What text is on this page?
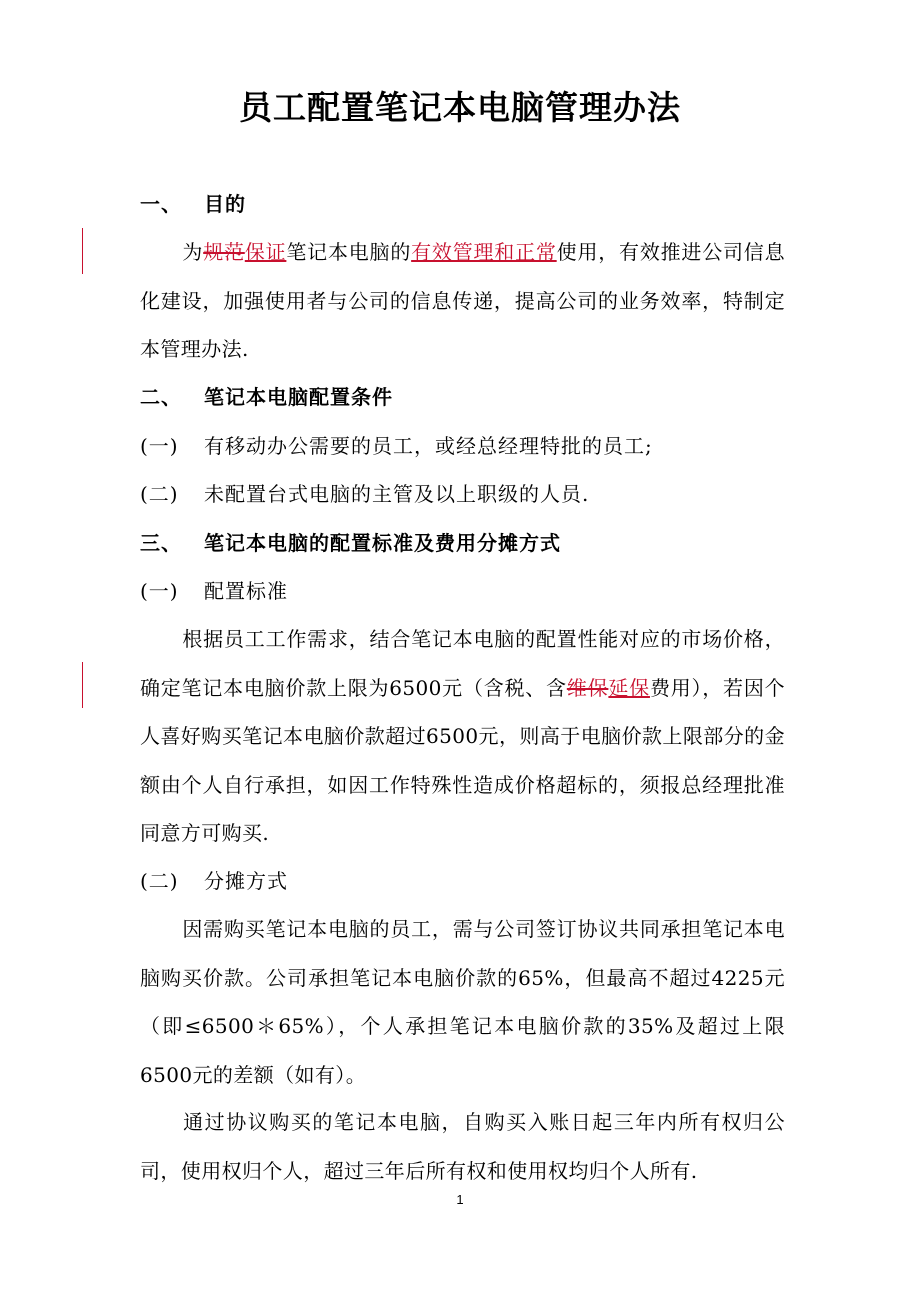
员工配置笔记本电脑管理办法
一、 目的
为规范保证笔记本电脑的有效管理和正常使用，有效推进公司信息化建设，加强使用者与公司的信息传递，提高公司的业务效率，特制定本管理办法.
二、 笔记本电脑配置条件
(一) 有移动办公需要的员工，或经总经理特批的员工;
(二) 未配置台式电脑的主管及以上职级的人员.
三、 笔记本电脑的配置标准及费用分摊方式
(一) 配置标准
根据员工工作需求，结合笔记本电脑的配置性能对应的市场价格，确定笔记本电脑价款上限为6500元（含税、含维保延保费用），若因个人喜好购买笔记本电脑价款超过6500元，则高于电脑价款上限部分的金额由个人自行承担，如因工作特殊性造成价格超标的，须报总经理批准同意方可购买.
(二) 分摊方式
因需购买笔记本电脑的员工，需与公司签订协议共同承担笔记本电脑购买价款。公司承担笔记本电脑价款的65%，但最高不超过4225元（即≤6500＊65%），个人承担笔记本电脑价款的35%及超过上限6500元的差额（如有）。
通过协议购买的笔记本电脑，自购买入账日起三年内所有权归公司，使用权归个人，超过三年后所有权和使用权均归个人所有.
1
